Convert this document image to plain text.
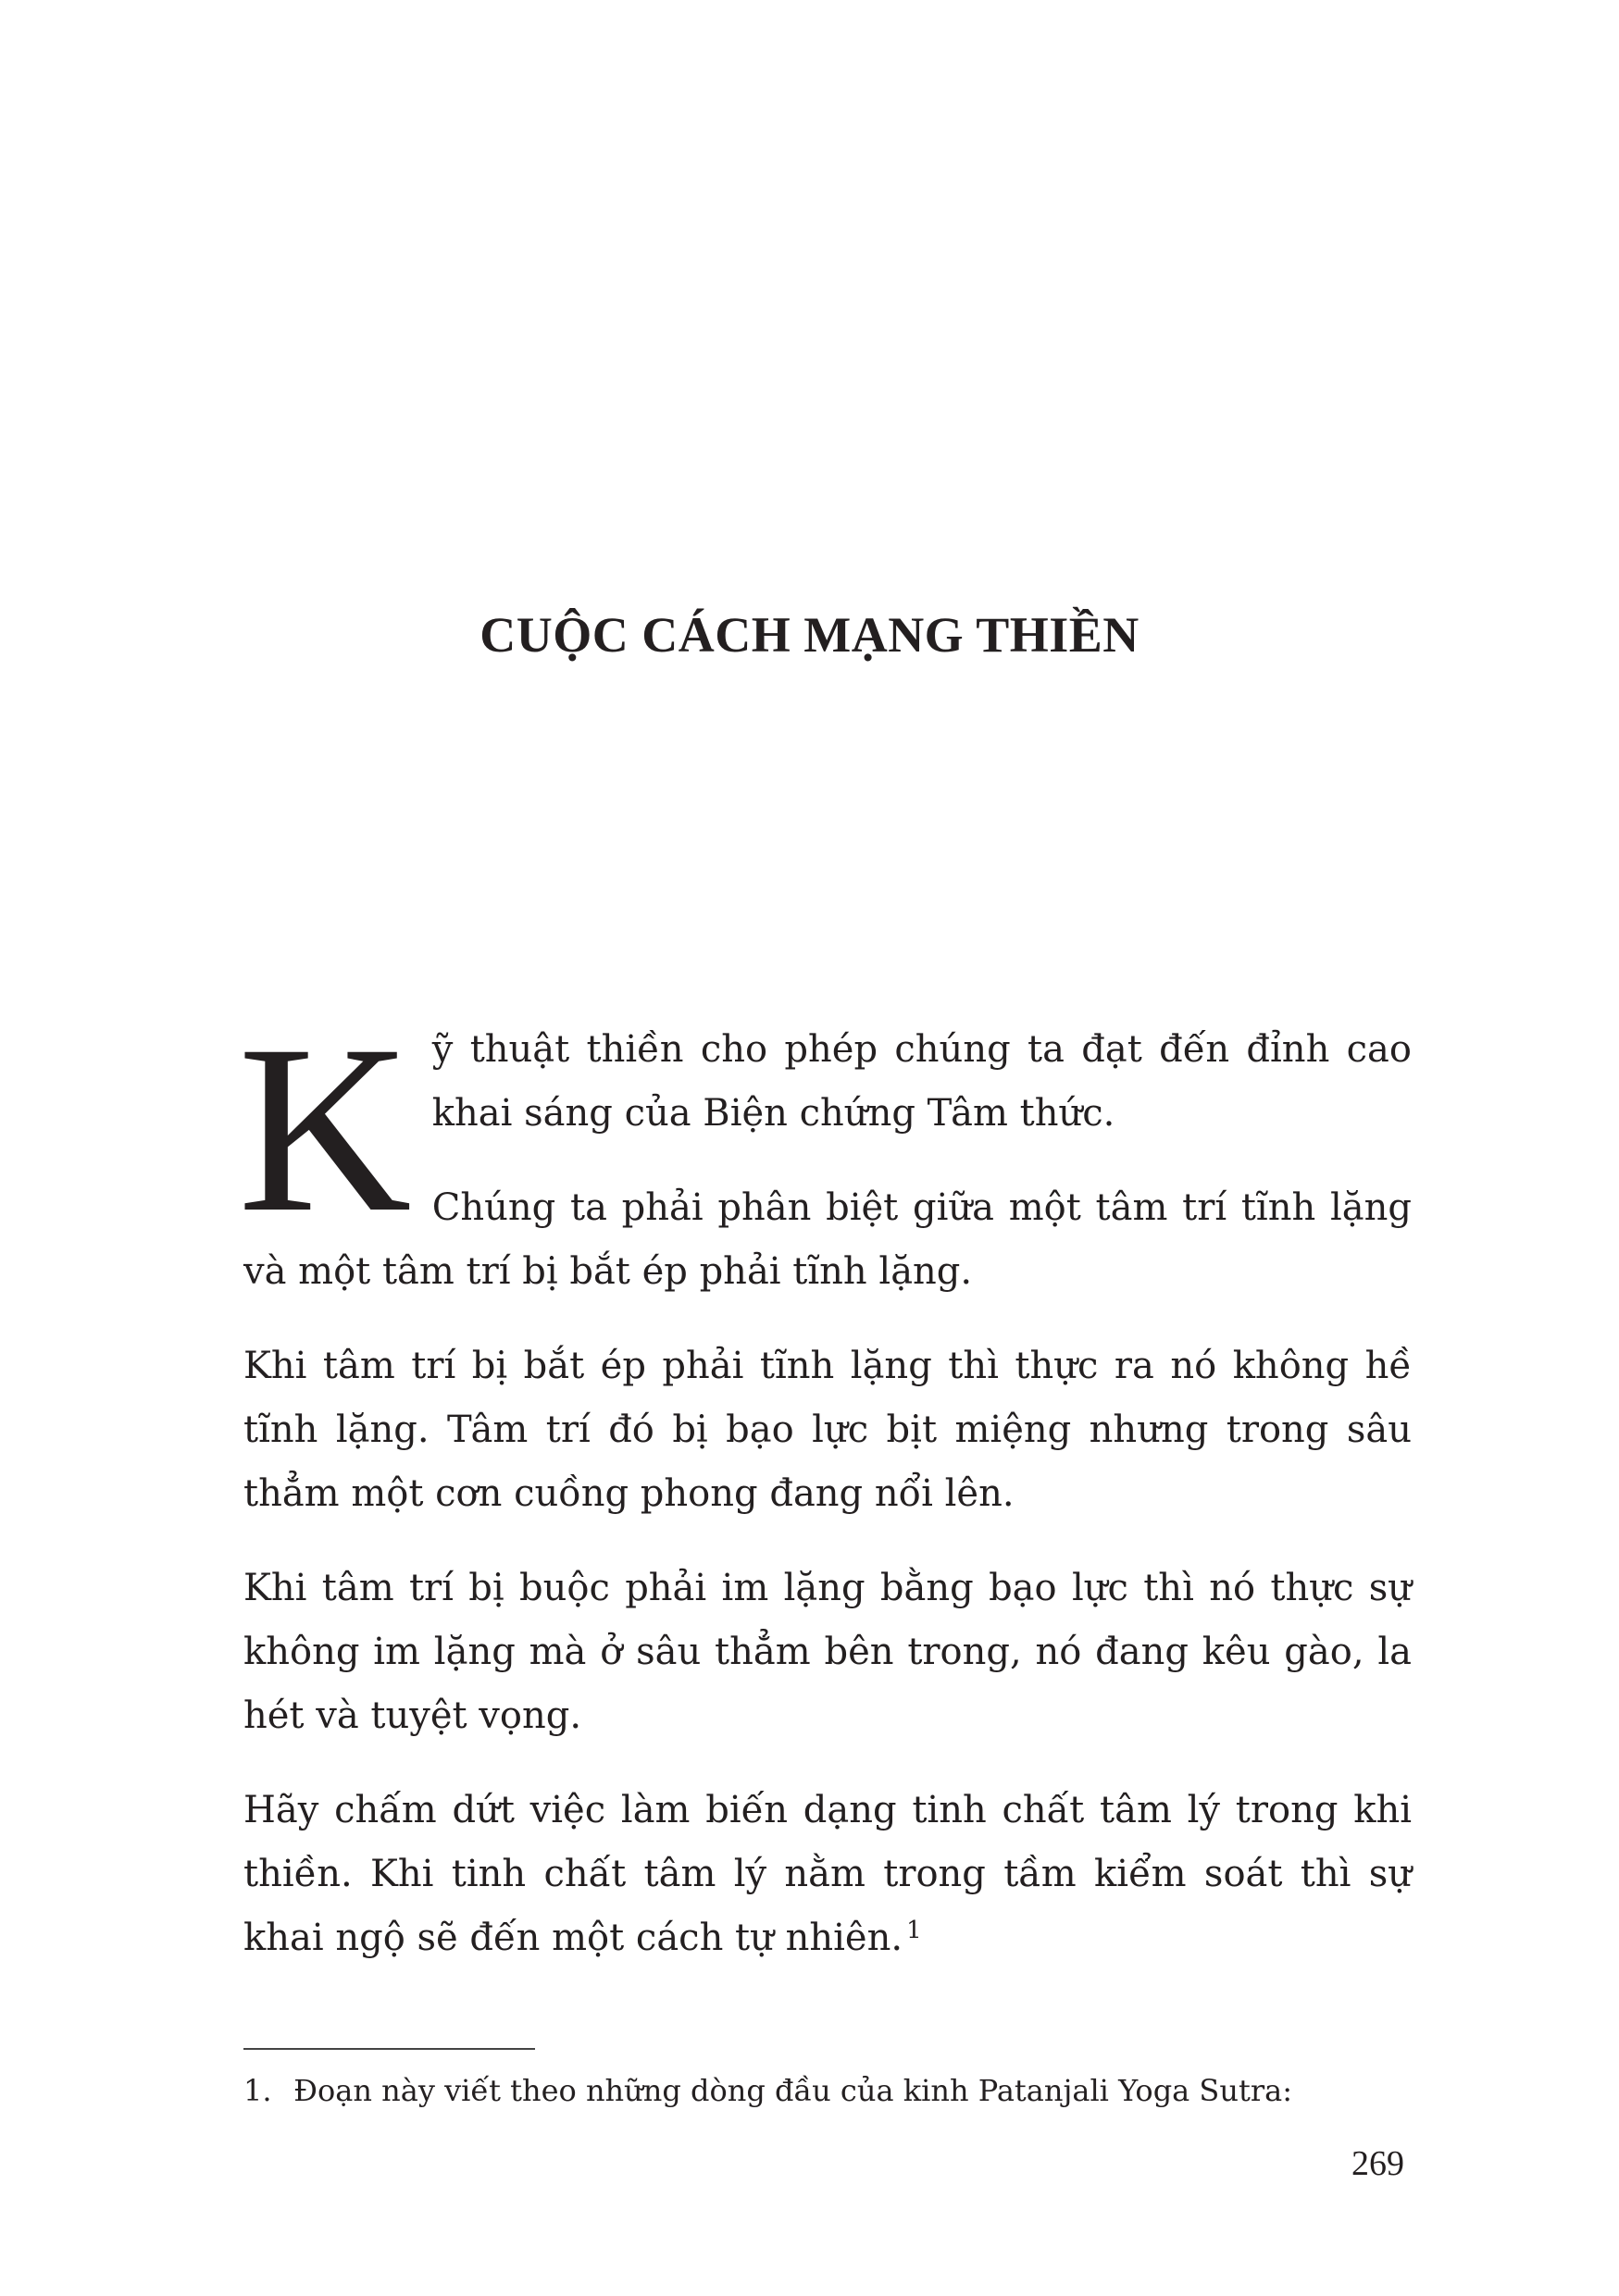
CUỘC CÁCH MẠNG THIỀN
K ỹ thuật thiền cho phép chúng ta đạt đến đỉnh cao khai sáng của Biện chứng Tâm thức.
Chúng ta phải phân biệt giữa một tâm trí tĩnh lặng và một tâm trí bị bắt ép phải tĩnh lặng.
Khi tâm trí bị bắt ép phải tĩnh lặng thì thực ra nó không hề tĩnh lặng. Tâm trí đó bị bạo lực bịt miệng nhưng trong sâu thẳm một cơn cuồng phong đang nổi lên.
Khi tâm trí bị buộc phải im lặng bằng bạo lực thì nó thực sự không im lặng mà ở sâu thẳm bên trong, nó đang kêu gào, la hét và tuyệt vọng.
Hãy chấm dứt việc làm biến dạng tinh chất tâm lý trong khi thiền. Khi tinh chất tâm lý nằm trong tầm kiểm soát thì sự khai ngộ sẽ đến một cách tự nhiên. $^1$
1. Đoạn này viết theo những dòng đầu của kinh Patanjali Yoga Sutra:
269
